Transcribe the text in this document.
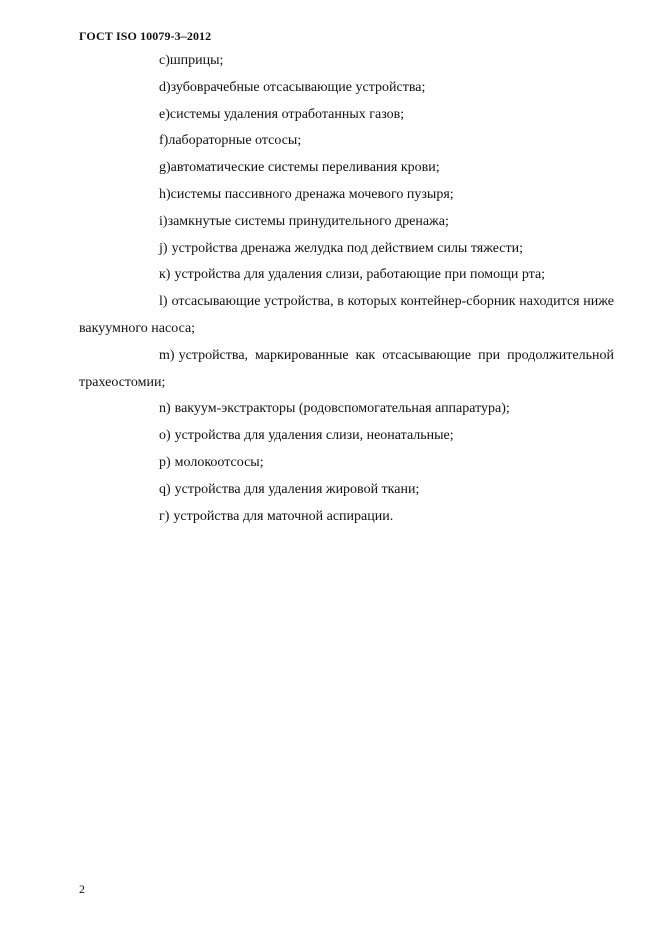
ГОСТ ISO 10079-3–2012
c)шприцы;
d)зубоврачебные отсасывающие устройства;
e)системы удаления отработанных газов;
f)лабораторные отсосы;
g)автоматические системы переливания крови;
h)системы пассивного дренажа мочевого пузыря;
i)замкнутые системы принудительного дренажа;
j) устройства дренажа желудка под действием силы тяжести;
к) устройства для удаления слизи, работающие при помощи рта;
l) отсасывающие устройства, в которых контейнер-сборник находится ниже вакуумного насоса;
m) устройства, маркированные как отсасывающие при продолжительной трахеостомии;
n) вакуум-экстракторы (родовспомогательная аппаратура);
o) устройства для удаления слизи, неонатальные;
p) молокоотсосы;
q) устройства для удаления жировой ткани;
г) устройства для маточной аспирации.
2
